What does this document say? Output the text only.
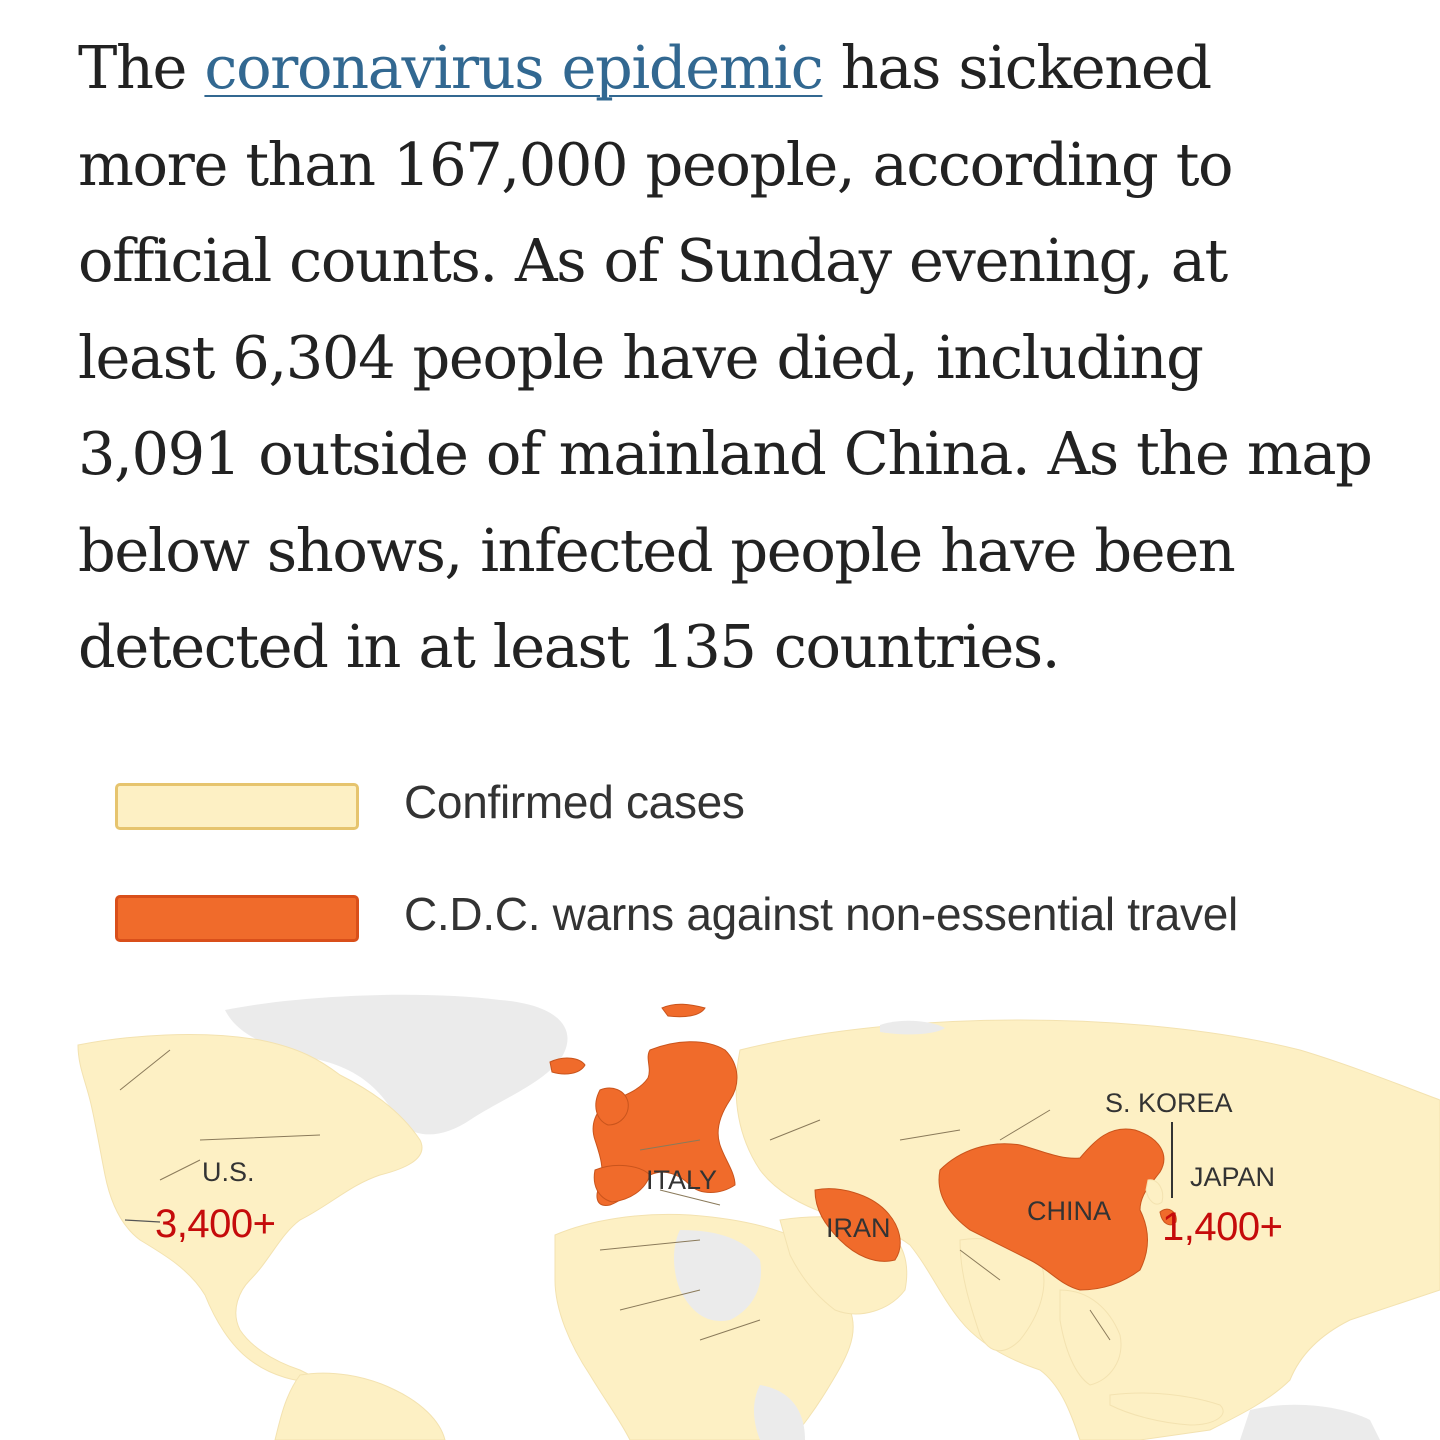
The coronavirus epidemic has sickened more than 167,000 people, according to official counts. As of Sunday evening, at least 6,304 people have died, including 3,091 outside of mainland China. As the map below shows, infected people have been detected in at least 135 countries.

Confirmed cases
C.D.C. warns against non-essential travel
U.S.
3,400+
ITALY
IRAN
CHINA
S. KOREA
JAPAN
1,400+
